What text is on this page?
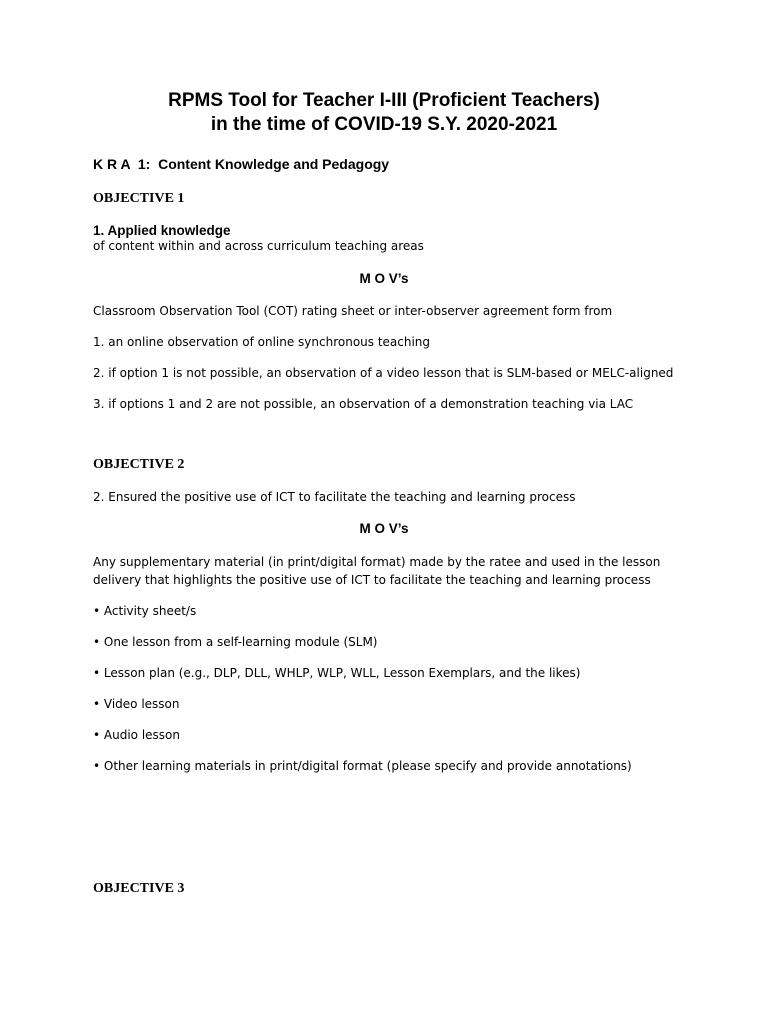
RPMS Tool for Teacher I-III (Proficient Teachers)
in the time of COVID-19 S.Y. 2020-2021
K R A  1:  Content Knowledge and Pedagogy
OBJECTIVE 1
1. Applied knowledge
of content within and across curriculum teaching areas
M O V’s
Classroom Observation Tool (COT) rating sheet or inter-observer agreement form from
1. an online observation of online synchronous teaching
2. if option 1 is not possible, an observation of a video lesson that is SLM-based or MELC-aligned
3. if options 1 and 2 are not possible, an observation of a demonstration teaching via LAC
OBJECTIVE 2
2. Ensured the positive use of ICT to facilitate the teaching and learning process
M O V’s
Any supplementary material (in print/digital format) made by the ratee and used in the lesson
delivery that highlights the positive use of ICT to facilitate the teaching and learning process
• Activity sheet/s
• One lesson from a self-learning module (SLM)
• Lesson plan (e.g., DLP, DLL, WHLP, WLP, WLL, Lesson Exemplars, and the likes)
• Video lesson
• Audio lesson
• Other learning materials in print/digital format (please specify and provide annotations)
OBJECTIVE 3
